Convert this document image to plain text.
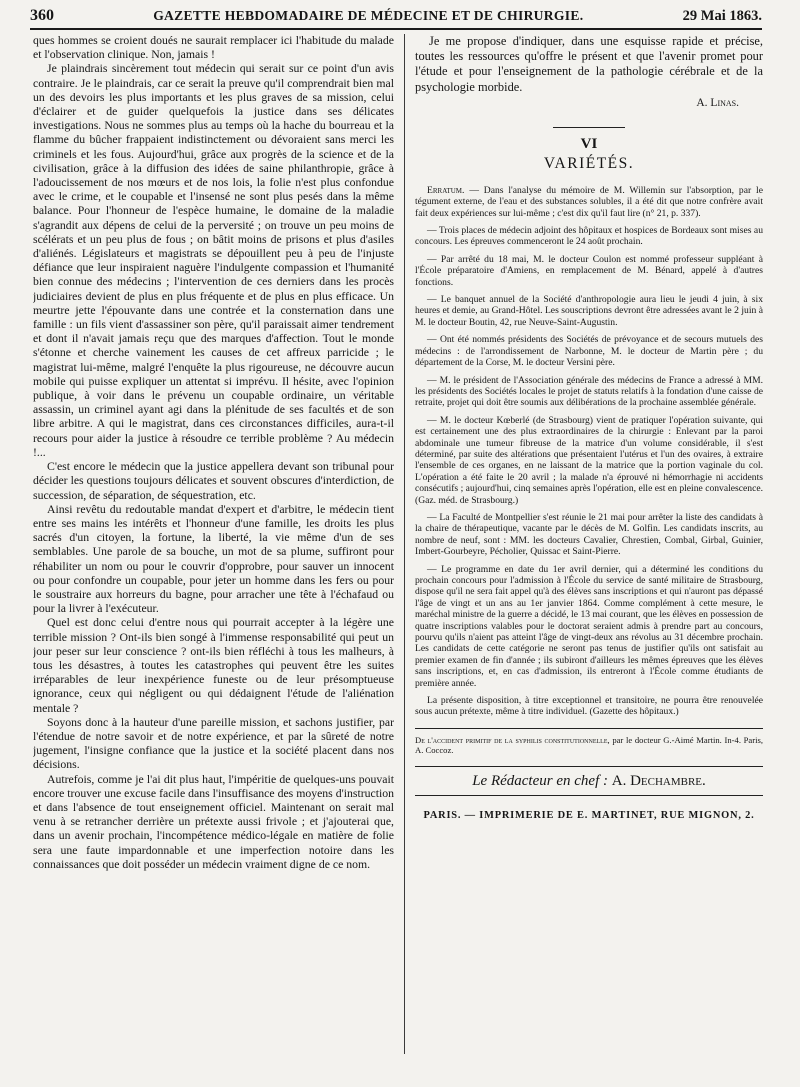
360	GAZETTE HEBDOMADAIRE DE MÉDECINE ET DE CHIRURGIE.	29 Mai 1863.

ques hommes se croient doués ne saurait remplacer ici l'habitude du malade et l'observation clinique. Non, jamais !

Je plaindrais sincèrement tout médecin qui serait sur ce point d'un avis contraire. Je le plaindrais, car ce serait la preuve qu'il comprendrait bien mal un des devoirs les plus importants et les plus graves de sa mission, celui d'éclairer et de guider quelquefois la justice dans ses délicates investigations. Nous ne sommes plus au temps où la hache du bourreau et la flamme du bûcher frappaient indistinctement ou dévoraient sans merci les criminels et les fous. Aujourd'hui, grâce aux progrès de la science et de la civilisation, grâce à la diffusion des idées de saine philanthropie, grâce à l'adoucissement de nos mœurs et de nos lois, la folie n'est plus confondue avec le crime, et le coupable et l'insensé ne sont plus pesés dans la même balance. Pour l'honneur de l'espèce humaine, le domaine de la maladie s'agrandit aux dépens de celui de la perversité ; on trouve un peu moins de scélérats et un peu plus de fous ; on bâtit moins de prisons et plus d'asiles d'aliénés. Législateurs et magistrats se dépouillent peu à peu de l'injuste défiance que leur inspiraient naguère l'indulgente compassion et l'humanité bien connue des médecins ; l'intervention de ces derniers dans les procès judiciaires devient de plus en plus fréquente et de plus en plus efficace. Un meurtre jette l'épouvante dans une contrée et la consternation dans une famille : un fils vient d'assassiner son père, qu'il paraissait aimer tendrement et dont il n'avait jamais reçu que des marques d'affection. Tout le monde s'étonne et cherche vainement les causes de cet affreux parricide ; le magistrat lui-même, malgré l'enquête la plus rigoureuse, ne découvre aucun mobile qui puisse expliquer un attentat si imprévu. Il hésite, avec l'opinion publique, à voir dans le prévenu un coupable ordinaire, un véritable assassin, un criminel ayant agi dans la plénitude de ses facultés et de son libre arbitre. A qui le magistrat, dans ces circonstances difficiles, aura-t-il recours pour aider la justice à résoudre ce terrible problème ? Au médecin !...

C'est encore le médecin que la justice appellera devant son tribunal pour décider les questions toujours délicates et souvent obscures d'interdiction, de succession, de séparation, de séquestration, etc.

Ainsi revêtu du redoutable mandat d'expert et d'arbitre, le médecin tient entre ses mains les intérêts et l'honneur d'une famille, les droits les plus sacrés d'un citoyen, la fortune, la liberté, la vie même d'un de ses semblables. Une parole de sa bouche, un mot de sa plume, suffiront pour réhabiliter un nom ou pour le couvrir d'opprobre, pour sauver un innocent ou pour confondre un coupable, pour jeter un homme dans les fers ou pour le soustraire aux horreurs du bagne, pour arracher une tête à l'échafaud ou pour la livrer à l'exécuteur.

Quel est donc celui d'entre nous qui pourrait accepter à la légère une terrible mission ? Ont-ils bien songé à l'immense responsabilité qui peut un jour peser sur leur conscience ? ont-ils bien réfléchi à tous les malheurs, à tous les désastres, à toutes les catastrophes qui peuvent être les suites irréparables de leur inexpérience funeste ou de leur présomptueuse ignorance, ceux qui négligent ou qui dédaignent l'étude de l'aliénation mentale ?

Soyons donc à la hauteur d'une pareille mission, et sachons justifier, par l'étendue de notre savoir et de notre expérience, et par la sûreté de notre jugement, l'insigne confiance que la justice et la société placent dans nos décisions.

Autrefois, comme je l'ai dit plus haut, l'impéritie de quelques-uns pouvait encore trouver une excuse facile dans l'insuffisance des moyens d'instruction et dans l'absence de tout enseignement officiel. Maintenant on serait mal venu à se retrancher derrière un prétexte aussi frivole ; et j'ajouterai que, dans un avenir prochain, l'incompétence médico-légale en matière de folie sera une faute impardonnable et une imperfection notoire dans les connaissances que doit posséder un médecin vraiment digne de ce nom.

Je me propose d'indiquer, dans une esquisse rapide et précise, toutes les ressources qu'offre le présent et que l'avenir promet pour l'étude et pour l'enseignement de la pathologie cérébrale et de la psychologie morbide.

A. Linas.
VI
VARIÉTÉS.

Erratum. — Dans l'analyse du mémoire de M. Willemin sur l'absorption, par le tégument externe, de l'eau et des substances solubles, il a été dit que notre confrère avait fait deux expériences sur lui-même ; c'est dix qu'il faut lire (n° 21, p. 337).

— Trois places de médecin adjoint des hôpitaux et hospices de Bordeaux sont mises au concours. Les épreuves commenceront le 24 août prochain.

— Par arrêté du 18 mai, M. le docteur Coulon est nommé professeur suppléant à l'École préparatoire d'Amiens, en remplacement de M. Bénard, appelé à d'autres fonctions.

— Le banquet annuel de la Société d'anthropologie aura lieu le jeudi 4 juin, à six heures et demie, au Grand-Hôtel. Les souscriptions devront être adressées avant le 2 juin à M. le docteur Boutin, 42, rue Neuve-Saint-Augustin.

— Ont été nommés présidents des Sociétés de prévoyance et de secours mutuels des médecins : de l'arrondissement de Narbonne, M. le docteur de Martin père ; du département de la Corse, M. le docteur Versini père.

— M. le président de l'Association générale des médecins de France a adressé à MM. les présidents des Sociétés locales le projet de statuts relatifs à la fondation d'une caisse de retraite, projet qui doit être soumis aux délibérations de la prochaine assemblée générale.

— M. le docteur Kœberlé (de Strasbourg) vient de pratiquer l'opération suivante, qui est certainement une des plus extraordinaires de la chirurgie : Enlevant par la paroi abdominale une tumeur fibreuse de la matrice d'un volume considérable, il s'est déterminé, par suite des altérations que présentaient l'utérus et l'un des ovaires, à extraire l'ensemble de ces organes, en ne laissant de la matrice que la portion vaginale du col. L'opération a été faite le 20 avril ; la malade n'a éprouvé ni hémorrhagie ni accidents consécutifs ; aujourd'hui, cinq semaines après l'opération, elle est en pleine convalescence. (Gaz. méd. de Strasbourg.)

— La Faculté de Montpellier s'est réunie le 21 mai pour arrêter la liste des candidats à la chaire de thérapeutique, vacante par le décès de M. Golfin. Les candidats inscrits, au nombre de neuf, sont : MM. les docteurs Cavalier, Chrestien, Combal, Girbal, Guinier, Imbert-Gourbeyre, Pécholier, Quissac et Saint-Pierre.

— Le programme en date du 1er avril dernier, qui a déterminé les conditions du prochain concours pour l'admission à l'École du service de santé militaire de Strasbourg, dispose qu'il ne sera fait appel qu'à des élèves sans inscriptions et qui n'auront pas dépassé l'âge de vingt et un ans au 1er janvier 1864. Comme complément à cette mesure, le maréchal ministre de la guerre a décidé, le 13 mai courant, que les élèves en possession de quatre inscriptions valables pour le doctorat seraient admis à prendre part au concours, pourvu qu'ils n'aient pas atteint l'âge de vingt-deux ans révolus au 31 décembre prochain. Les candidats de cette catégorie ne seront pas tenus de justifier qu'ils ont satisfait au premier examen de fin d'année ; ils subiront d'ailleurs les mêmes épreuves que les élèves sans inscriptions, et, en cas d'admission, ils entreront à l'École comme étudiants de première année.

La présente disposition, à titre exceptionnel et transitoire, ne pourra être renouvelée sous aucun prétexte, même à titre individuel. (Gazette des hôpitaux.)

De l'accident primitif de la syphilis constitutionnelle, par le docteur G.-Aimé Martin. In-4. Paris, A. Coccoz.
Le Rédacteur en chef : A. Dechambre.
PARIS. — IMPRIMERIE DE E. MARTINET, RUE MIGNON, 2.
